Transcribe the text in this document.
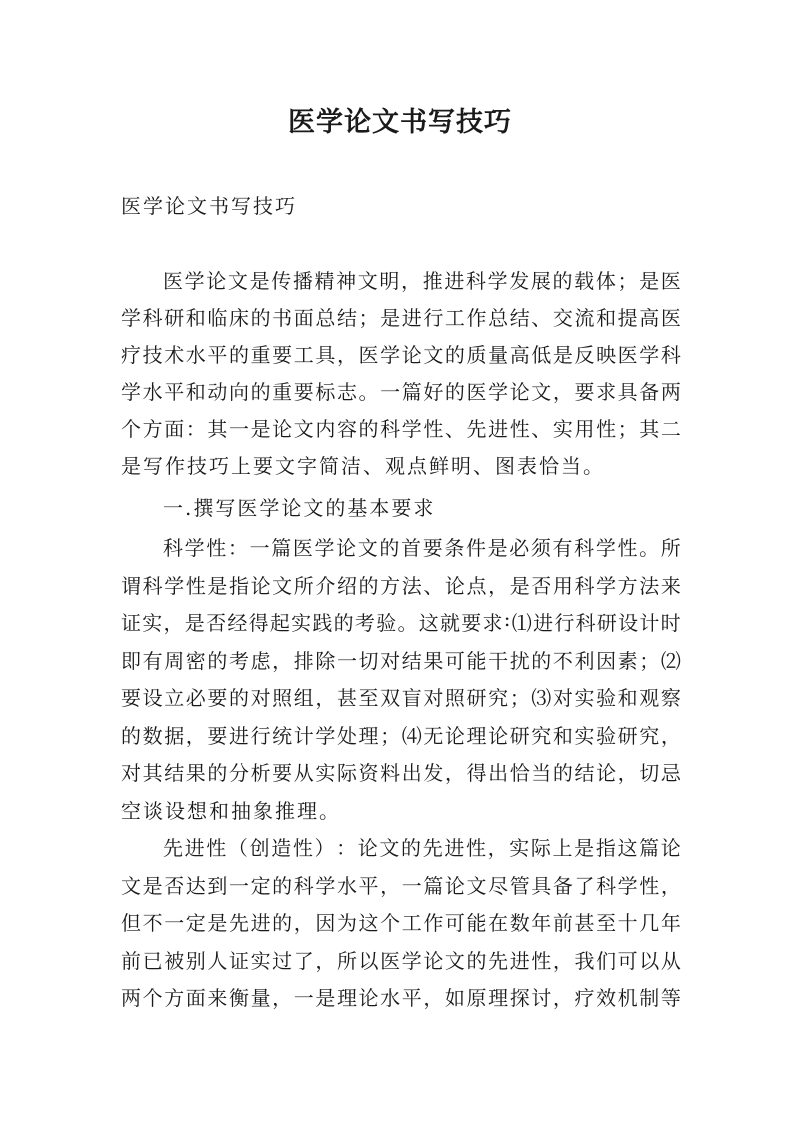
医学论文书写技巧

医学论文书写技巧

医 学 论 文 是 传 播 精 神 文 明 ， 推 进 科 学 发 展 的 载 体 ； 是 医

学 科 研 和 临 床 的 书 面 总 结 ； 是 进 行 工 作 总 结 、 交 流 和 提 高 医

疗 技 术 水 平 的 重 要 工 具 ， 医 学 论 文 的 质 量 高 低 是 反 映 医 学 科

学 水 平 和 动 向 的 重 要 标 志 。 一 篇 好 的 医 学 论 文 ， 要 求 具 备 两

个 方 面 ： 其 一 是 论 文 内 容 的 科 学 性 、 先 进 性 、 实 用 性 ； 其 二

是写作技巧上要文字简洁、观点鲜明、图表恰当。

一.撰写医学论文的基本要求

科 学 性 ： 一 篇 医 学 论 文 的 首 要 条 件 是 必 须 有 科 学 性 。 所

谓 科 学 性 是 指 论 文 所 介 绍 的 方 法 、 论 点 ， 是 否 用 科 学 方 法 来

证 实 ， 是 否 经 得 起 实 践 的 考 验 。 这 就 要 求 : ⑴ 进 行 科 研 设 计 时

即 有 周 密 的 考 虑 ， 排 除 一 切 对 结 果 可 能 干 扰 的 不 利 因 素 ； ⑵

要 设 立 必 要 的 对 照 组 ， 甚 至 双 盲 对 照 研 究 ； ⑶ 对 实 验 和 观 察

的 数 据 ， 要 进 行 统 计 学 处 理 ； ⑷ 无 论 理 论 研 究 和 实 验 研 究 ，

对 其 结 果 的 分 析 要 从 实 际 资 料 出 发 ， 得 出 恰 当 的 结 论 ， 切 忌

空谈设想和抽象推理。

先 进 性 （ 创 造 性 ） ： 论 文 的 先 进 性 ， 实 际 上 是 指 这 篇 论

文 是 否 达 到 一 定 的 科 学 水 平 ， 一 篇 论 文 尽 管 具 备 了 科 学 性 ，

但 不 一 定 是 先 进 的 ， 因 为 这 个 工 作 可 能 在 数 年 前 甚 至 十 几 年

前 已 被 别 人 证 实 过 了 ， 所 以 医 学 论 文 的 先 进 性 ， 我 们 可 以 从

两 个 方 面 来 衡 量 ， 一 是 理 论 水 平 ， 如 原 理 探 讨 ， 疗 效 机 制 等
